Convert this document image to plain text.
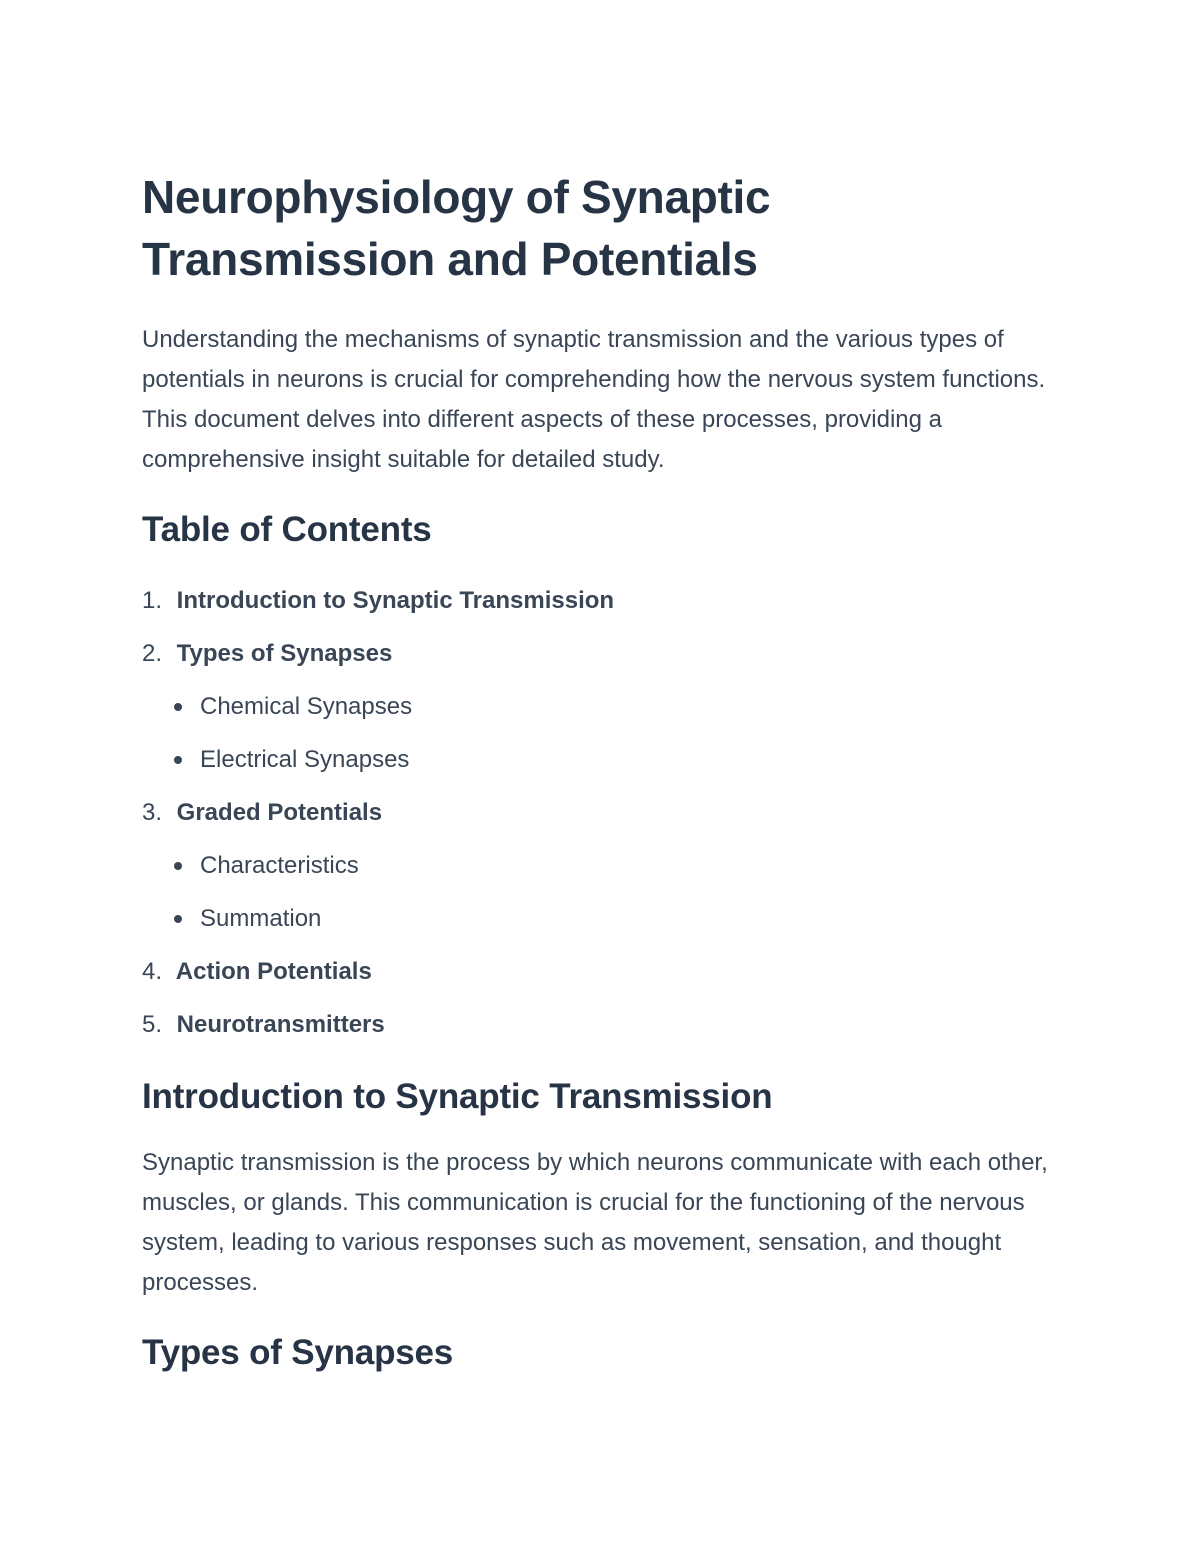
Neurophysiology of Synaptic Transmission and Potentials

Understanding the mechanisms of synaptic transmission and the various types of potentials in neurons is crucial for comprehending how the nervous system functions. This document delves into different aspects of these processes, providing a comprehensive insight suitable for detailed study.

Table of Contents
1. Introduction to Synaptic Transmission
2. Types of Synapses
Chemical Synapses
Electrical Synapses
3. Graded Potentials
Characteristics
Summation
4. Action Potentials
5. Neurotransmitters
Introduction to Synaptic Transmission

Synaptic transmission is the process by which neurons communicate with each other, muscles, or glands. This communication is crucial for the functioning of the nervous system, leading to various responses such as movement, sensation, and thought processes.

Types of Synapses
